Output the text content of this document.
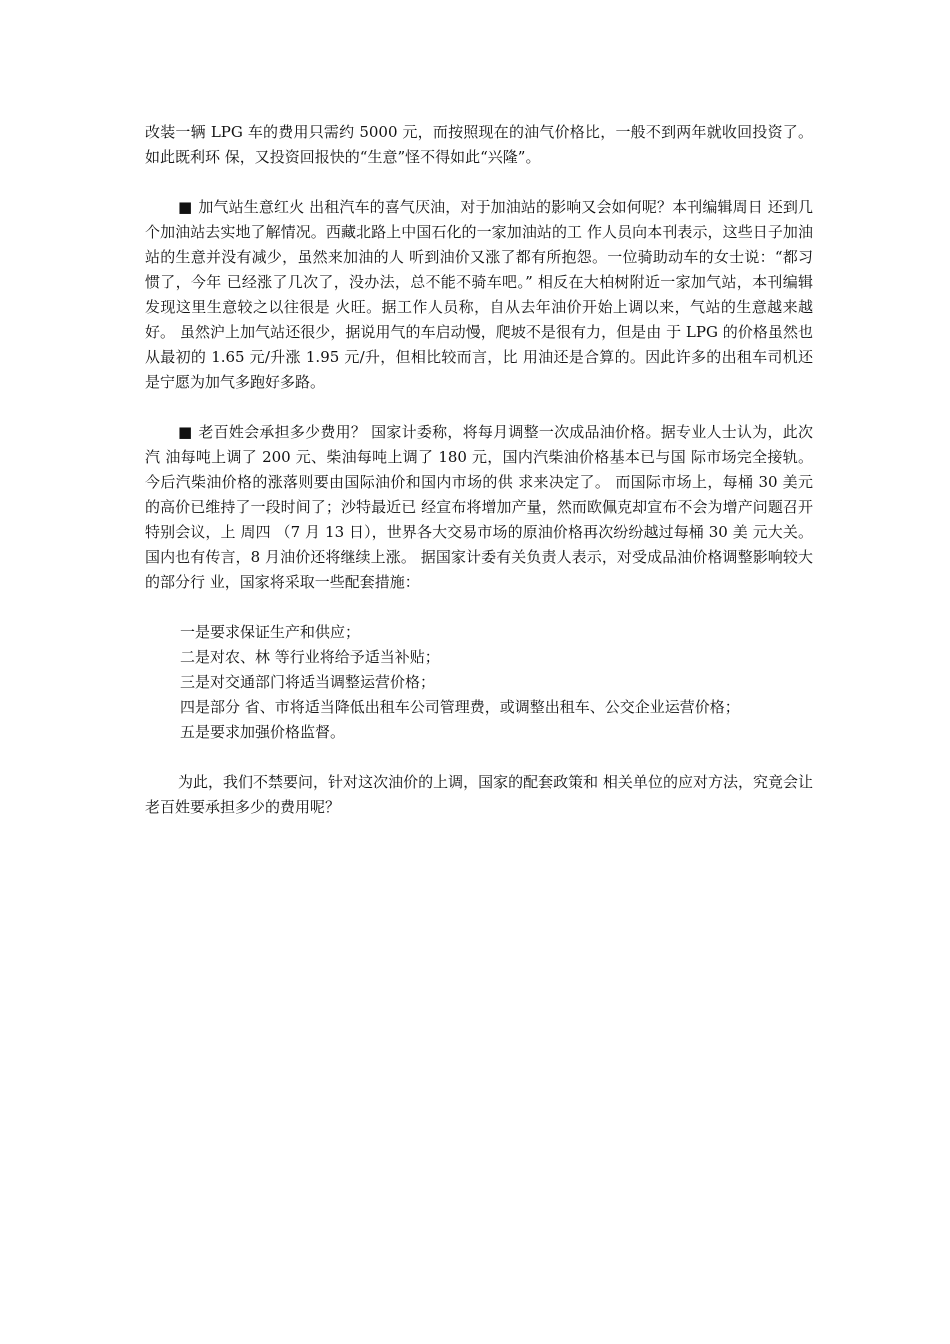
改装一辆 LPG 车的费用只需约 5000 元，而按照现在的油气价格比，一般不到两年就收回投资了。如此既利环 保，又投资回报快的“生意”怪不得如此“兴隆”。

■ 加气站生意红火 出租汽车的喜气厌油，对于加油站的影响又会如何呢？本刊编辑周日 还到几个加油站去实地了解情况。西藏北路上中国石化的一家加油站的工 作人员向本刊表示，这些日子加油站的生意并没有减少，虽然来加油的人 听到油价又涨了都有所抱怨。一位骑助动车的女士说：“都习惯了，今年 已经涨了几次了，没办法，总不能不骑车吧。” 相反在大柏树附近一家加气站，本刊编辑发现这里生意较之以往很是 火旺。据工作人员称，自从去年油价开始上调以来，气站的生意越来越好。 虽然沪上加气站还很少，据说用气的车启动慢，爬坡不是很有力，但是由 于 LPG 的价格虽然也从最初的 1.65 元/升涨 1.95 元/升，但相比较而言，比 用油还是合算的。因此许多的出租车司机还是宁愿为加气多跑好多路。

■ 老百姓会承担多少费用？ 国家计委称，将每月调整一次成品油价格。据专业人士认为，此次汽 油每吨上调了 200 元、柴油每吨上调了 180 元，国内汽柴油价格基本已与国 际市场完全接轨。今后汽柴油价格的涨落则要由国际油价和国内市场的供 求来决定了。 而国际市场上，每桶 30 美元的高价已维持了一段时间了；沙特最近已 经宣布将增加产量，然而欧佩克却宣布不会为增产问题召开特别会议，上 周四 （7 月 13 日），世界各大交易市场的原油价格再次纷纷越过每桶 30 美 元大关。国内也有传言，8 月油价还将继续上涨。 据国家计委有关负责人表示，对受成品油价格调整影响较大的部分行 业，国家将采取一些配套措施：

一是要求保证生产和供应；
二是对农、林 等行业将给予适当补贴；
三是对交通部门将适当调整运营价格；
四是部分 省、市将适当降低出租车公司管理费，或调整出租车、公交企业运营价格；
五是要求加强价格监督。

为此，我们不禁要问，针对这次油价的上调，国家的配套政策和 相关单位的应对方法，究竟会让老百姓要承担多少的费用呢？
